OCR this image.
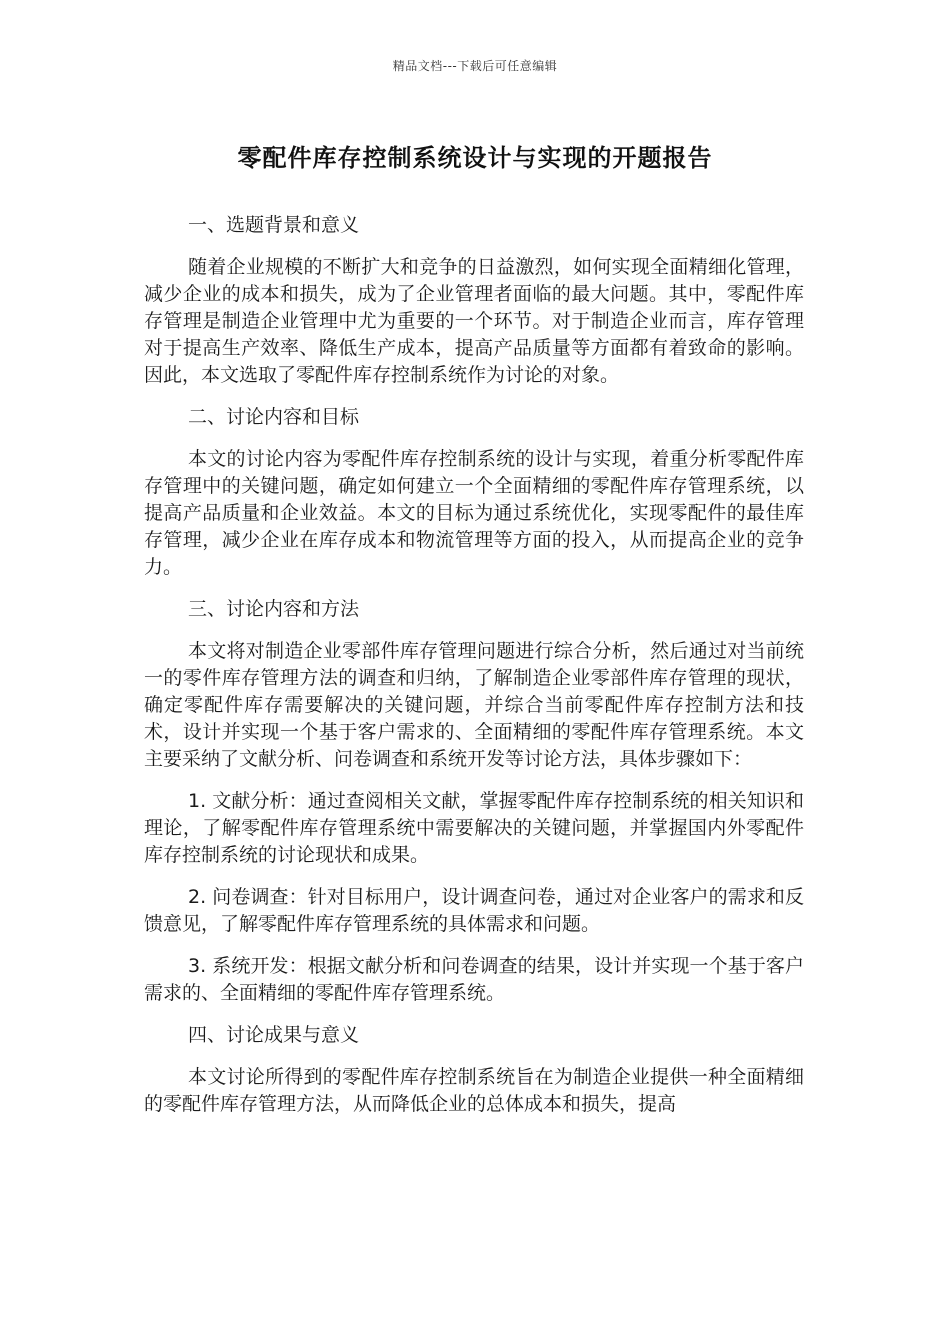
精品文档---下载后可任意编辑
零配件库存控制系统设计与实现的开题报告

一、选题背景和意义

随着企业规模的不断扩大和竞争的日益激烈，如何实现全面精细化管理，减少企业的成本和损失，成为了企业管理者面临的最大问题。其中，零配件库存管理是制造企业管理中尤为重要的一个环节。对于制造企业而言，库存管理对于提高生产效率、降低生产成本，提高产品质量等方面都有着致命的影响。因此，本文选取了零配件库存控制系统作为讨论的对象。

二、讨论内容和目标

本文的讨论内容为零配件库存控制系统的设计与实现，着重分析零配件库存管理中的关键问题，确定如何建立一个全面精细的零配件库存管理系统，以提高产品质量和企业效益。本文的目标为通过系统优化，实现零配件的最佳库存管理，减少企业在库存成本和物流管理等方面的投入，从而提高企业的竞争力。

三、讨论内容和方法

本文将对制造企业零部件库存管理问题进行综合分析，然后通过对当前统一的零件库存管理方法的调查和归纳，了解制造企业零部件库存管理的现状，确定零配件库存需要解决的关键问题，并综合当前零配件库存控制方法和技术，设计并实现一个基于客户需求的、全面精细的零配件库存管理系统。本文主要采纳了文献分析、问卷调查和系统开发等讨论方法，具体步骤如下：

1. 文献分析：通过查阅相关文献，掌握零配件库存控制系统的相关知识和理论，了解零配件库存管理系统中需要解决的关键问题，并掌握国内外零配件库存控制系统的讨论现状和成果。

2. 问卷调查：针对目标用户，设计调查问卷，通过对企业客户的需求和反馈意见，了解零配件库存管理系统的具体需求和问题。

3. 系统开发：根据文献分析和问卷调查的结果，设计并实现一个基于客户需求的、全面精细的零配件库存管理系统。

四、讨论成果与意义

本文讨论所得到的零配件库存控制系统旨在为制造企业提供一种全面精细的零配件库存管理方法，从而降低企业的总体成本和损失，提高
